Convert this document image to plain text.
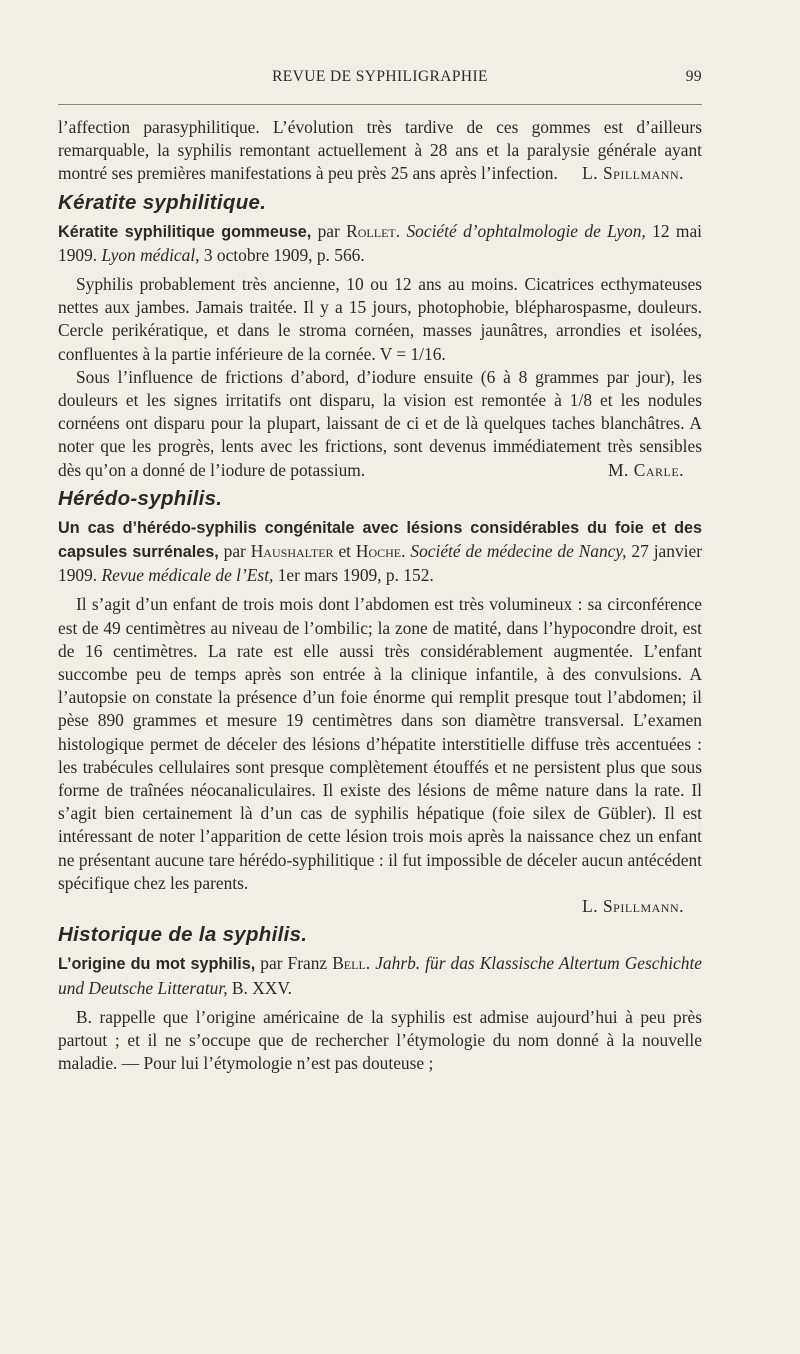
REVUE DE SYPHILIGRAPHIE	99

l’affection parasyphilitique. L’évolution très tardive de ces gommes est d’ailleurs remarquable, la syphilis remontant actuellement à 28 ans et la paralysie générale ayant montré ses premières manifestations à peu près 25 ans après l’infection. L. Spillmann.

Kératite syphilitique.

Kératite syphilitique gommeuse, par Rollet. Société d’ophtalmologie de Lyon, 12 mai 1909. Lyon médical, 3 octobre 1909, p. 566.

Syphilis probablement très ancienne, 10 ou 12 ans au moins. Cicatrices ecthymateuses nettes aux jambes. Jamais traitée. Il y a 15 jours, photophobie, blépharospasme, douleurs. Cercle perikératique, et dans le stroma cornéen, masses jaunâtres, arrondies et isolées, confluentes à la partie inférieure de la cornée. V = 1/16.

Sous l’influence de frictions d’abord, d’iodure ensuite (6 à 8 grammes par jour), les douleurs et les signes irritatifs ont disparu, la vision est remontée à 1/8 et les nodules cornéens ont disparu pour la plupart, laissant de ci et de là quelques taches blanchâtres. A noter que les progrès, lents avec les frictions, sont devenus immédiatement très sensibles dès qu’on a donné de l’iodure de potassium.	M. Carle.

Hérédo-syphilis.

Un cas d’hérédo-syphilis congénitale avec lésions considérables du foie et des capsules surrénales, par Haushalter et Hoche. Société de médecine de Nancy, 27 janvier 1909. Revue médicale de l’Est, 1er mars 1909, p. 152.

Il s’agit d’un enfant de trois mois dont l’abdomen est très volumineux : sa circonférence est de 49 centimètres au niveau de l’ombilic; la zone de matité, dans l’hypocondre droit, est de 16 centimètres. La rate est elle aussi très considérablement augmentée. L’enfant succombe peu de temps après son entrée à la clinique infantile, à des convulsions. A l’autopsie on constate la présence d’un foie énorme qui remplit presque tout l’abdomen; il pèse 890 grammes et mesure 19 centimètres dans son diamètre transversal. L’examen histologique permet de déceler des lésions d’hépatite interstitielle diffuse très accentuées : les trabécules cellulaires sont presque complètement étouffés et ne persistent plus que sous forme de traînées néocanaliculaires. Il existe des lésions de même nature dans la rate. Il s’agit bien certainement là d’un cas de syphilis hépatique (foie silex de Gübler). Il est intéressant de noter l’apparition de cette lésion trois mois après la naissance chez un enfant ne présentant aucune tare hérédo-syphilitique : il fut impossible de déceler aucun antécédent spécifique chez les parents.

L. Spillmann.
Historique de la syphilis.

L’origine du mot syphilis, par Franz Bell. Jahrb. für das Klassische Altertum Geschichte und Deutsche Litteratur, B. XXV.

B. rappelle que l’origine américaine de la syphilis est admise aujourd’hui à peu près partout ; et il ne s’occupe que de rechercher l’étymologie du nom donné à la nouvelle maladie. — Pour lui l’étymologie n’est pas douteuse ;
